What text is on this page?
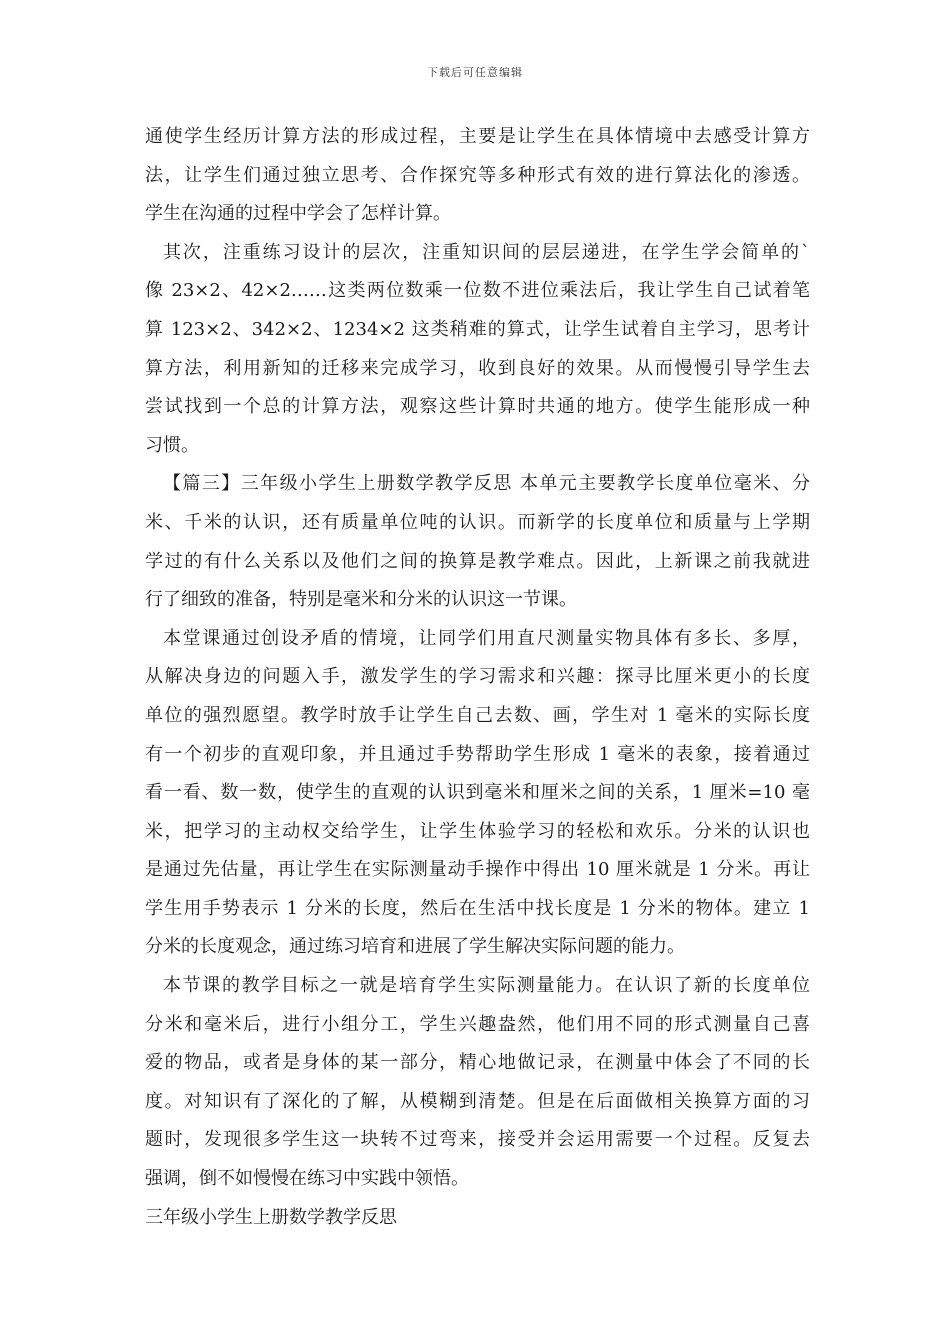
下载后可任意编辑
通使学生经历计算方法的形成过程，主要是让学生在具体情境中去感受计算方
法，让学生们通过独立思考、合作探究等多种形式有效的进行算法化的渗透。
学生在沟通的过程中学会了怎样计算。
其次，注重练习设计的层次，注重知识间的层层递进，在学生学会简单的`
像 23×2、42×2……这类两位数乘一位数不进位乘法后，我让学生自己试着笔
算 123×2、342×2、1234×2 这类稍难的算式，让学生试着自主学习，思考计
算方法，利用新知的迁移来完成学习，收到良好的效果。从而慢慢引导学生去
尝试找到一个总的计算方法，观察这些计算时共通的地方。使学生能形成一种
习惯。
【篇三】三年级小学生上册数学教学反思 本单元主要教学长度单位毫米、分
米、千米的认识，还有质量单位吨的认识。而新学的长度单位和质量与上学期
学过的有什么关系以及他们之间的换算是教学难点。因此，上新课之前我就进
行了细致的准备，特别是毫米和分米的认识这一节课。
本堂课通过创设矛盾的情境，让同学们用直尺测量实物具体有多长、多厚，
从解决身边的问题入手，激发学生的学习需求和兴趣：探寻比厘米更小的长度
单位的强烈愿望。教学时放手让学生自己去数、画，学生对 1 毫米的实际长度
有一个初步的直观印象，并且通过手势帮助学生形成 1 毫米的表象，接着通过
看一看、数一数，使学生的直观的认识到毫米和厘米之间的关系，1 厘米=10 毫
米，把学习的主动权交给学生，让学生体验学习的轻松和欢乐。分米的认识也
是通过先估量，再让学生在实际测量动手操作中得出 10 厘米就是 1 分米。再让
学生用手势表示 1 分米的长度，然后在生活中找长度是 1 分米的物体。建立 1
分米的长度观念，通过练习培育和进展了学生解决实际问题的能力。
本节课的教学目标之一就是培育学生实际测量能力。在认识了新的长度单位
分米和毫米后，进行小组分工，学生兴趣盎然，他们用不同的形式测量自己喜
爱的物品，或者是身体的某一部分，精心地做记录，在测量中体会了不同的长
度。对知识有了深化的了解，从模糊到清楚。但是在后面做相关换算方面的习
题时，发现很多学生这一块转不过弯来，接受并会运用需要一个过程。反复去
强调，倒不如慢慢在练习中实践中领悟。
三年级小学生上册数学教学反思
